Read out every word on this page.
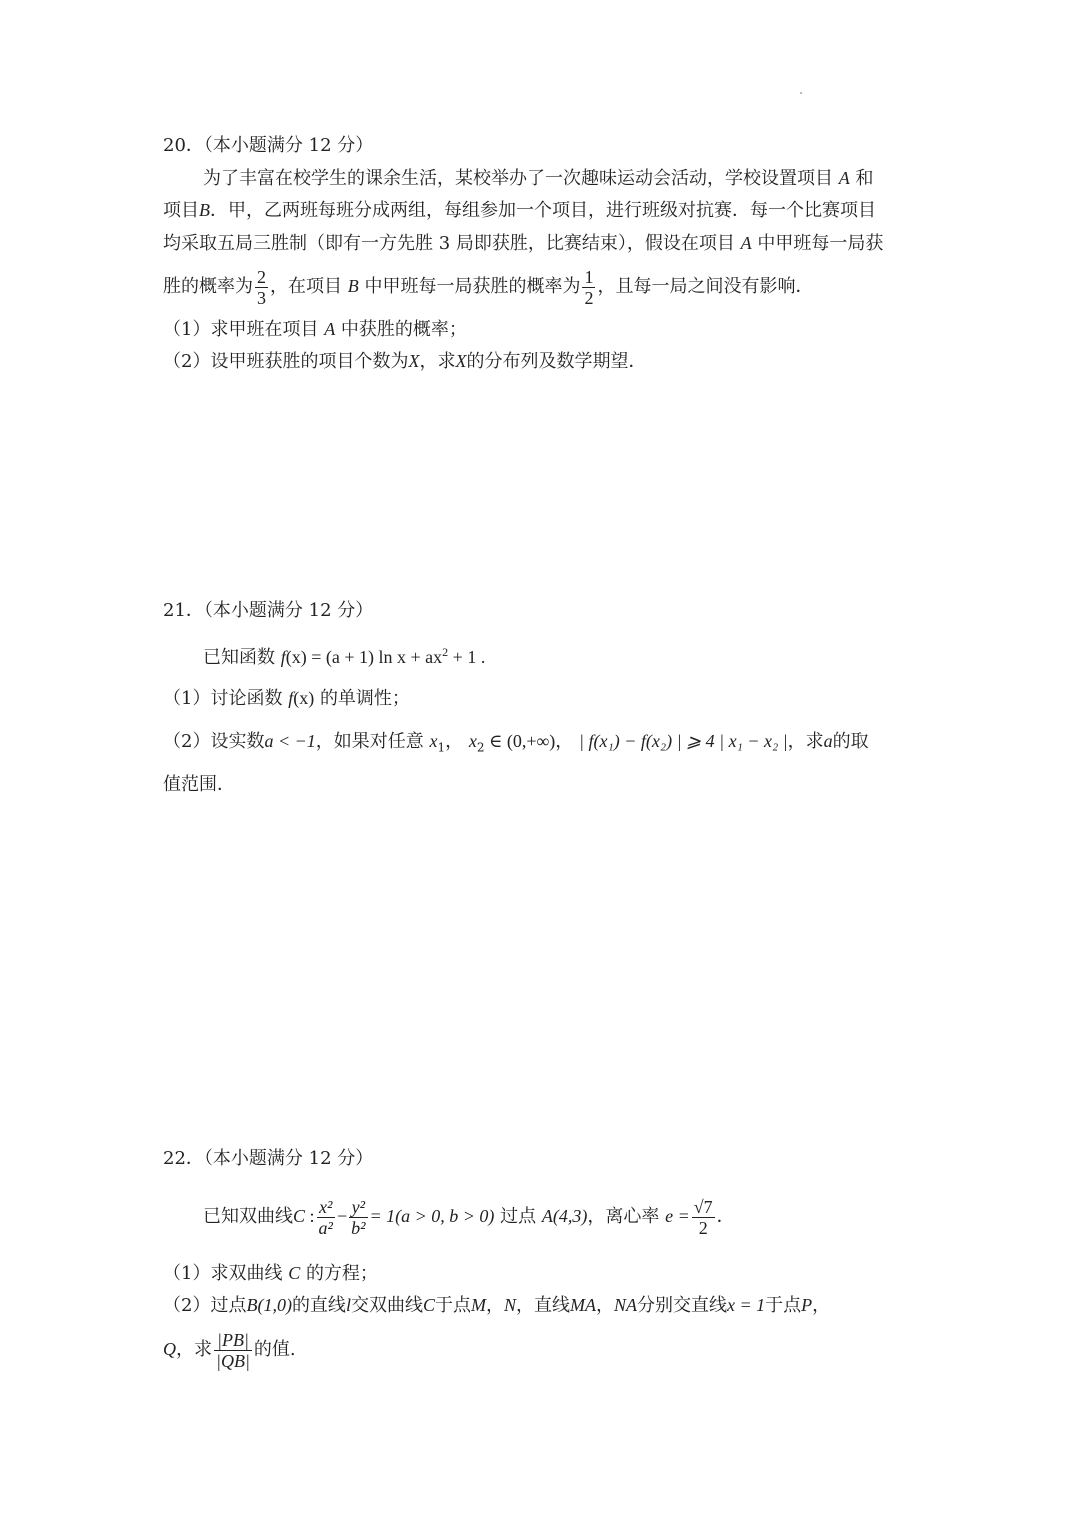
20．（本小题满分 12 分）
为了丰富在校学生的课余生活，某校举办了一次趣味运动会活动，学校设置项目 A 和
项目B．甲，乙两班每班分成两组，每组参加一个项目，进行班级对抗赛．每一个比赛项目
均采取五局三胜制（即有一方先胜 3 局即获胜，比赛结束），假设在项目 A 中甲班每一局获
胜的概率为 $\frac{2}{3}$ ，在项目 B 中甲班每一局获胜的概率为 $\frac{1}{2}$ ，且每一局之间没有影响．
（1）求甲班在项目 A 中获胜的概率；
（2）设甲班获胜的项目个数为X，求X的分布列及数学期望．
21．（本小题满分 12 分）
已知函数 f(x) = (a + 1) $\ln x + ax^2 + 1$ .
（1）讨论函数 f(x) 的单调性；
（2）设实数a < −1，如果对任意 $x_1$， $x_2$ ∈ (0,+∞)， | f(x₁) − f(x₂) | ⩾ 4 | x₁ − x₂ |，求a的取
值范围．
22．（本小题满分 12 分）
已知双曲线C : $\frac{\text{x²}}{\text{a²}} - \frac{\text{y²}}{\text{b²}} = 1(a > 0$, b > 0) 过点 A(4,3)，离心率 $e = \frac{√7}{2}$ ．
（1）求双曲线 C 的方程；
（2）过点B(1,0)的直线l交双曲线C于点M，N，直线MA，NA分别交直线x = 1于点P，
Q，求 $\frac{|PB|}{|QB|}$ 的值.
